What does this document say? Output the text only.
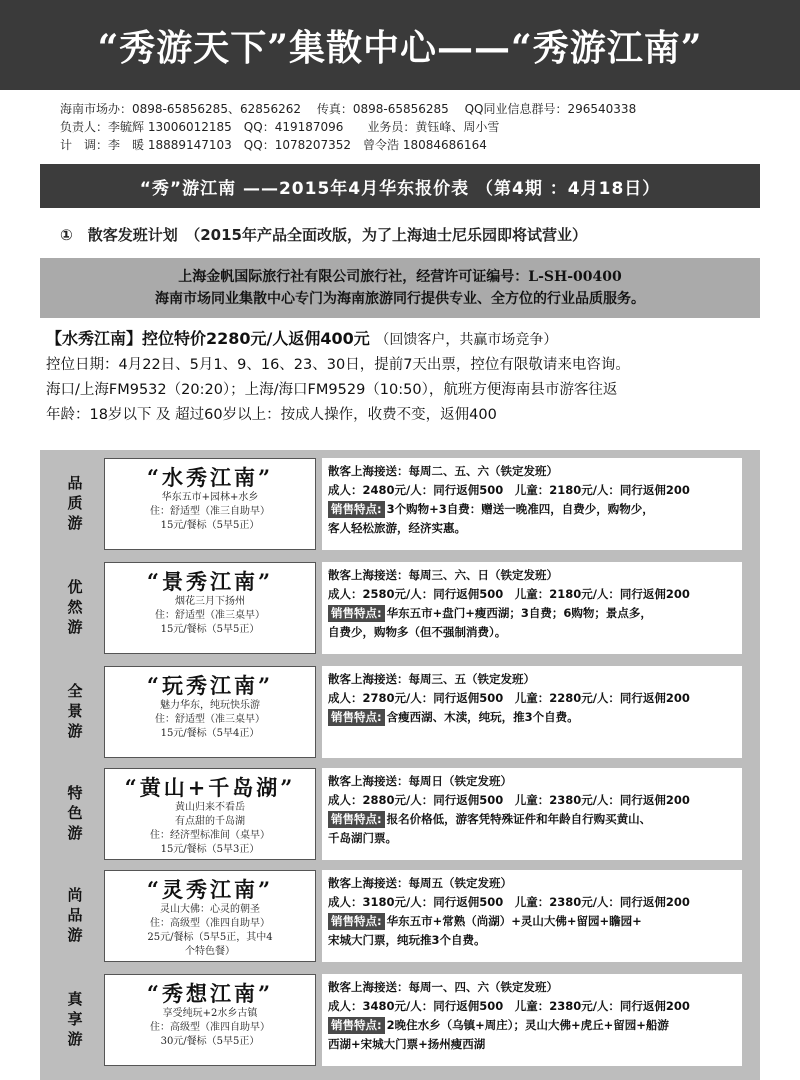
“秀游天下”集散中心——“秀游江南”
海南市场办：0898-65856285、62856262　 传真：0898-65856285　 QQ同业信息群号：296540338
负责人：李毓辉 13006012185　QQ：419187096　　业务员：黄钰峰、周小雪
计　调：李　暖 18889147103　QQ：1078207352　曾令浩 18084686164
“秀”游江南 ——2015年4月华东报价表 （第4期 ：4月18日）
①　散客发班计划　（2015年产品全面改版，为了上海迪士尼乐园即将试营业）
上海金帆国际旅行社有限公司旅行社，经营许可证编号：L-SH-00400
海南市场同业集散中心专门为海南旅游同行提供专业、全方位的行业品质服务。
【水秀江南】控位特价2280元/人返佣400元 （回馈客户，共赢市场竞争）
控位日期：4月22日、5月1、9、16、23、30日，提前7天出票，控位有限敬请来电咨询。
海口/上海FM9532（20:20）；上海/海口FM9529（10:50），航班方便海南县市游客往返
年龄：18岁以下 及 超过60岁以上：按成人操作，收费不变，返佣400
品质游
“水秀江南”
华东五市+园林+水乡
住：舒适型（准三自助早）
15元/餐标（5早5正）
散客上海接送：每周二、五、六（铁定发班）
成人：2480元/人：同行返佣500　儿童：2180元/人：同行返佣200
销售特点: 3个购物+3自费：赠送一晚准四，自费少，购物少，
客人轻松旅游，经济实惠。
优然游
“景秀江南”
烟花三月下扬州
住：舒适型（准三桌早）
15元/餐标（5早5正）
散客上海接送：每周三、六、日（铁定发班）
成人：2580元/人：同行返佣500　儿童：2180元/人：同行返佣200
销售特点: 华东五市+盘门+瘦西湖；3自费；6购物；景点多，
自费少，购物多（但不强制消费）。
全景游
“玩秀江南”
魅力华东，纯玩快乐游
住：舒适型（准三桌早）
15元/餐标（5早4正）
散客上海接送：每周三、五（铁定发班）
成人：2780元/人：同行返佣500　儿童：2280元/人：同行返佣200
销售特点: 含瘦西湖、木渎，纯玩，推3个自费。
特色游
“黄山+千岛湖”
黄山归来不看岳
有点甜的千岛湖
住：经济型标准间（桌早）
15元/餐标（5早3正）
散客上海接送：每周日（铁定发班）
成人：2880元/人：同行返佣500　儿童：2380元/人：同行返佣200
销售特点: 报名价格低，游客凭特殊证件和年龄自行购买黄山、
千岛湖门票。
尚品游
“灵秀江南”
灵山大佛：心灵的朝圣
住：高级型（准四自助早）
25元/餐标（5早5正，其中4
个特色餐）
散客上海接送：每周五（铁定发班）
成人：3180元/人：同行返佣500　儿童：2380元/人：同行返佣200
销售特点: 华东五市+常熟（尚湖）+灵山大佛+留园+瞻园+
宋城大门票，纯玩推3个自费。
真享游
“秀想江南”
享受纯玩+2水乡古镇
住：高级型（准四自助早）
30元/餐标（5早5正）
散客上海接送：每周一、四、六（铁定发班）
成人：3480元/人：同行返佣500　儿童：2380元/人：同行返佣200
销售特点: 2晚住水乡（乌镇+周庄）；灵山大佛+虎丘+留园+船游
西湖+宋城大门票+扬州瘦西湖
